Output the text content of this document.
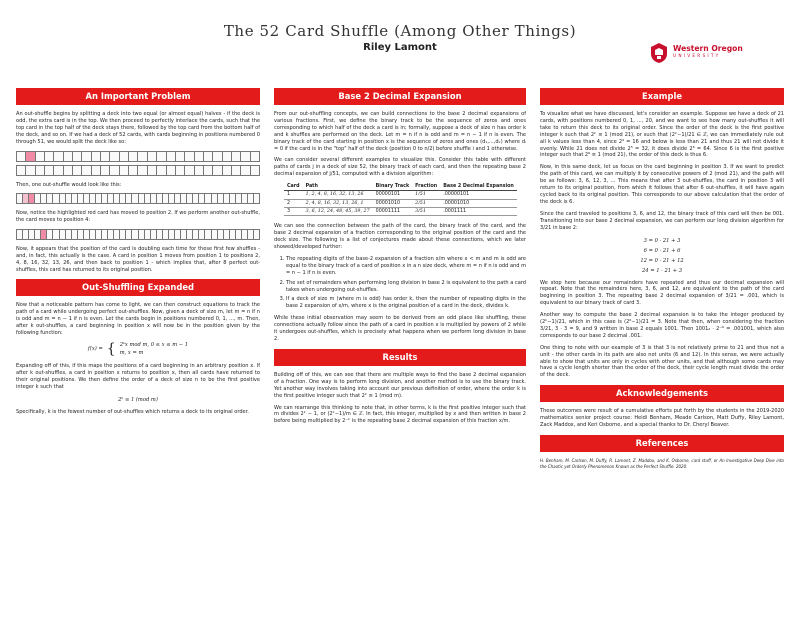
The 52 Card Shuffle (Among Other Things)
Riley Lamont	Western Oregon
UNIVERSITY
An Important Problem

An out-shuffle begins by splitting a deck into two equal (or almost equal) halves - if the deck is odd, the extra card is in the top. We then proceed to perfectly interlace the cards, such that the top card in the top half of the deck stays there, followed by the top card from the bottom half of the deck, and so on. If we had a deck of 52 cards, with cards beginning in positions numbered 0 through 51, we would split the deck like so:

Then, one out-shuffle would look like this:

Now, notice the highlighted red card has moved to position 2. If we perform another out-shuffle, the card moves to position 4:

Now, it appears that the position of the card is doubling each time for these first few shuffles - and, in fact, this actually is the case. A card in position 1 moves from position 1 to positions 2, 4, 8, 16, 32, 13, 26, and then back to position 1 - which implies that, after 8 perfect out-shuffles, this card has returned to its original position.

Out-Shuffling Expanded

Now that a noticeable pattern has come to light, we can then construct equations to track the path of a card while undergoing perfect out-shuffles. Now, given a deck of size m, let m = n if n is odd and m = n − 1 if n is even. Let the cards begin in positions numbered 0, 1, ..., m. Then, after k out-shuffles, a card beginning in position x will now be in the position given by the following function:

f(x) = { 2ᵏx mod m, 0 ≤ x ≤ m − 1
m, x = m

Expanding off of this, if this maps the positions of a card beginning in an arbitrary position x. If after k out-shuffles, a card in position x returns to position x, then all cards have returned to their original positions. We then define the order of a deck of size n to be the first positive integer k such that

2ᵏ ≡ 1 (mod m)

Specifically, k is the fewest number of out-shuffles which returns a deck to its original order.

Base 2 Decimal Expansion

From our out-shuffling concepts, we can build connections to the base 2 decimal expansions of various fractions. First, we define the binary track to be the sequence of zeros and ones corresponding to which half of the deck a card is in; formally, suppose a deck of size n has order k and k shuffles are performed on the deck. Let m = n if n is odd and m = n − 1 if n is even. The binary track of the card starting in position x is the sequence of zeros and ones (d₁,...,dₖ) where dᵢ = 0 if the card is in the "top" half of the deck (position 0 to n/2) before shuffle i and 1 otherwise.

We can consider several different examples to visualize this. Consider this table with different paths of cards j in a deck of size 52, the binary track of each card, and then the repeating base 2 decimal expansion of j/51, computed with a division algorithm:

Card	Path	Binary Track	Fraction	Base 2 Decimal Expansion
1	1, 2, 4, 8, 16, 32, 13, 26	00000101	1/51	.00000101
2	2, 4, 8, 16, 32, 13, 26, 1	00001010	2/51	.00001010
3	3, 6, 12, 24, 48, 45, 39, 27	00001111	3/51	.0001111

We can see the connection between the path of the card, the binary track of the card, and the base 2 decimal expansion of a fraction corresponding to the original position of the card and the deck size. The following is a list of conjectures made about these connections, which we later showed/developed further:

1. The repeating digits of the base-2 expansion of a fraction x/m where x < m and m is odd are equal to the binary track of a card of position x in a n size deck, where m = n if n is odd and m = n − 1 if n is even.
2. The set of remainders when performing long division in base 2 is equivalent to the path a card takes when undergoing out-shuffles.
3. If a deck of size m (where m is odd) has order k, then the number of repeating digits in the base 2 expansion of x/m, where x is the original position of a card in the deck, divides k.

While these initial observation may seem to be derived from an odd place like shuffling, these connections actually follow since the path of a card in position x is multiplied by powers of 2 while it undergoes out-shuffles, which is precisely what happens when we perform long division in base 2.

Results

Building off of this, we can see that there are multiple ways to find the base 2 decimal expansion of a fraction. One way is to perform long division, and another method is to use the binary track. Yet another way involves taking into account our previous definition of order, where the order k is the first positive integer such that 2ᵏ ≡ 1 (mod m).

We can rearrange this thinking to note that, in other terms, k is the first positive integer such that m divides 2ᵏ − 1, or (2ᵏ−1)/m ∈ ℤ. In fact, this integer, multiplied by x and then written in base 2 before being multiplied by 2⁻ᵏ is the repeating base 2 decimal expansion of this fraction x/m.

Example

To visualize what we have discussed, let's consider an example. Suppose we have a deck of 21 cards, with positions numbered 0, 1, ..., 20, and we want to see how many out-shuffles it will take to return this deck to its original order. Since the order of the deck is the first positive integer k such that 2ᵏ ≡ 1 (mod 21), or such that (2ᵏ−1)/21 ∈ ℤ, we can immediately rule out all k values less than 4, since 2⁴ = 16 and below is less than 21 and thus 21 will not divide it evenly. While 21 does not divide 2⁵ = 32, it does divide 2⁶ = 64. Since 6 is the first positive integer such that 2⁶ ≡ 1 (mod 21), the order of this deck is thus 6.

Now, in this same deck, let us focus on the card beginning in position 3. If we want to predict the path of this card, we can multiply it by consecutive powers of 2 (mod 21), and the path will be as follows: 3, 6, 12, 3, ... This means that after 3 out-shuffles, the card in position 3 will return to its original position, from which it follows that after 6 out-shuffles, it will have again cycled back to its original position. This corresponds to our above calculation that the order of the deck is 6.

Since the card traveled to positions 3, 6, and 12, the binary track of this card will then be 001. Transitioning into our base 2 decimal expansion, we can perform our long division algorithm for 3/21 in base 2:

3 = 0 · 21 + 3
6 = 0 · 21 + 6
12 = 0 · 21 + 12
24 = 1 · 21 + 3

We stop here because our remainders have repeated and thus our decimal expansion will repeat. Note that the remainders here, 3, 6, and 12, are equivalent to the path of the card beginning in position 3. The repeating base 2 decimal expansion of 3/21 = .001, which is equivalent to our binary track of card 3.

Another way to compute the base 2 decimal expansion is to take the integer produced by (2ᵏ−1)/21, which in this case is (2⁶−1)/21 = 3. Note that then, when considering the fraction 3/21, 3 · 3 = 9, and 9 written in base 2 equals 1001. Then 1001₂ · 2⁻⁶ = .001001, which also corresponds to our base 2 decimal .001.

One thing to note with our example of 3 is that 3 is not relatively prime to 21 and thus not a unit - the other cards in its path are also not units (6 and 12). In this sense, we were actually able to show that units are only in cycles with other units, and that although some cards may have a cycle length shorter than the order of the deck, their cycle length must divide the order of the deck.

Acknowledgements

These outcomes were result of a cumulative efforts put forth by the students in the 2019-2020 mathematics senior project course: Heidi Benham, Meade Carlson, Matt Duffy, Riley Lamont, Zack Maddox, and Keri Osborne, and a special thanks to Dr. Cheryl Beaver.

References

H. Benham, M. Carlson, M. Duffy, R. Lamont, Z. Maddox, and K. Osborne, card stuff, or An Investigative Deep Dive into the Chaotic yet Orderly Phenomenon Known as the Perfect Shuffle. 2020.
